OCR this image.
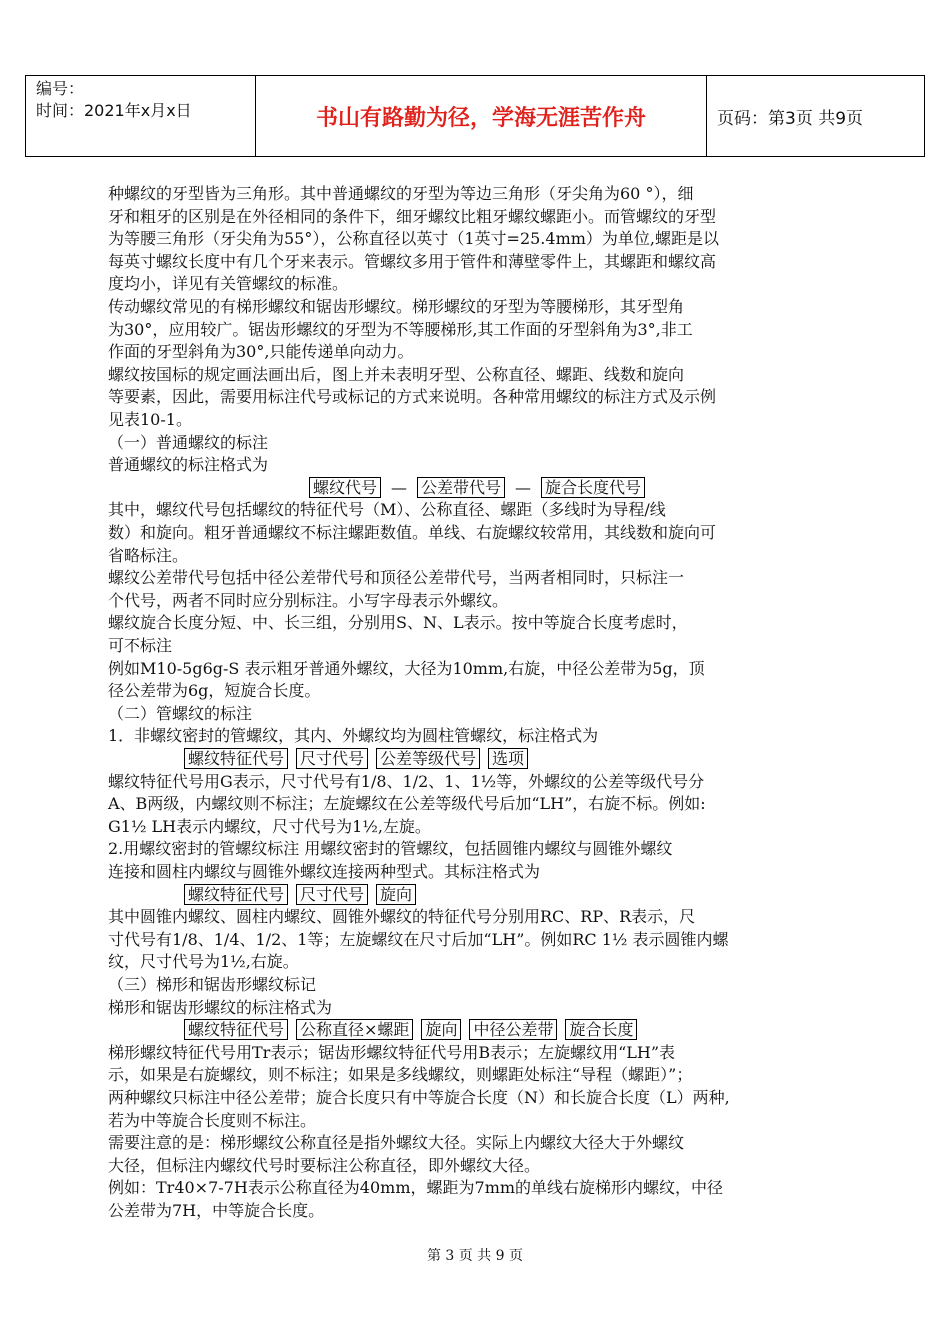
编号：
时间：2021年x月x日	书山有路勤为径，学海无涯苦作舟	页码：第3页 共9页
种螺纹的牙型皆为三角形。其中普通螺纹的牙型为等边三角形（牙尖角为60 °），细
牙和粗牙的区别是在外径相同的条件下，细牙螺纹比粗牙螺纹螺距小。而管螺纹的牙型
为等腰三角形（牙尖角为55°），公称直径以英寸（1英寸=25.4mm）为单位,螺距是以
每英寸螺纹长度中有几个牙来表示。管螺纹多用于管件和薄壁零件上，其螺距和螺纹高
度均小，详见有关管螺纹的标准。
传动螺纹常见的有梯形螺纹和锯齿形螺纹。梯形螺纹的牙型为等腰梯形，其牙型角
为30°，应用较广。锯齿形螺纹的牙型为不等腰梯形,其工作面的牙型斜角为3°,非工
作面的牙型斜角为30°,只能传递单向动力。
螺纹按国标的规定画法画出后，图上并未表明牙型、公称直径、螺距、线数和旋向
等要素，因此，需要用标注代号或标记的方式来说明。各种常用螺纹的标注方式及示例
见表10-1。
（一）普通螺纹的标注
普通螺纹的标注格式为
螺纹代号 — 公差带代号 — 旋合长度代号
其中，螺纹代号包括螺纹的特征代号（M）、公称直径、螺距（多线时为导程/线
数）和旋向。粗牙普通螺纹不标注螺距数值。单线、右旋螺纹较常用，其线数和旋向可
省略标注。
螺纹公差带代号包括中径公差带代号和顶径公差带代号，当两者相同时，只标注一
个代号，两者不同时应分别标注。小写字母表示外螺纹。
螺纹旋合长度分短、中、长三组，分别用S、N、L表示。按中等旋合长度考虑时，
可不标注
例如M10-5g6g-S 表示粗牙普通外螺纹，大径为10mm,右旋，中径公差带为5g，顶
径公差带为6g，短旋合长度。
（二）管螺纹的标注
1．非螺纹密封的管螺纹，其内、外螺纹均为圆柱管螺纹，标注格式为
螺纹特征代号 尺寸代号 公差等级代号 选项
螺纹特征代号用G表示，尺寸代号有1/8、1/2、1、1½等，外螺纹的公差等级代号分
A、B两级，内螺纹则不标注；左旋螺纹在公差等级代号后加“LH”，右旋不标。例如:
G1½ LH表示内螺纹，尺寸代号为1½,左旋。
2.用螺纹密封的管螺纹标注 用螺纹密封的管螺纹，包括圆锥内螺纹与圆锥外螺纹
连接和圆柱内螺纹与圆锥外螺纹连接两种型式。其标注格式为
螺纹特征代号 尺寸代号 旋向
其中圆锥内螺纹、圆柱内螺纹、圆锥外螺纹的特征代号分别用RC、RP、R表示，尺
寸代号有1/8、1/4、1/2、1等；左旋螺纹在尺寸后加“LH”。例如RC 1½ 表示圆锥内螺
纹，尺寸代号为1½,右旋。
（三）梯形和锯齿形螺纹标记
梯形和锯齿形螺纹的标注格式为
螺纹特征代号 公称直径×螺距 旋向 中径公差带 旋合长度
梯形螺纹特征代号用Tr表示；锯齿形螺纹特征代号用B表示；左旋螺纹用“LH”表
示，如果是右旋螺纹，则不标注；如果是多线螺纹，则螺距处标注“导程（螺距）”；
两种螺纹只标注中径公差带；旋合长度只有中等旋合长度（N）和长旋合长度（L）两种,
若为中等旋合长度则不标注。
需要注意的是：梯形螺纹公称直径是指外螺纹大径。实际上内螺纹大径大于外螺纹
大径，但标注内螺纹代号时要标注公称直径，即外螺纹大径。
例如：Tr40×7-7H表示公称直径为40mm，螺距为7mm的单线右旋梯形内螺纹，中径
公差带为7H，中等旋合长度。
第 3 页 共 9 页
